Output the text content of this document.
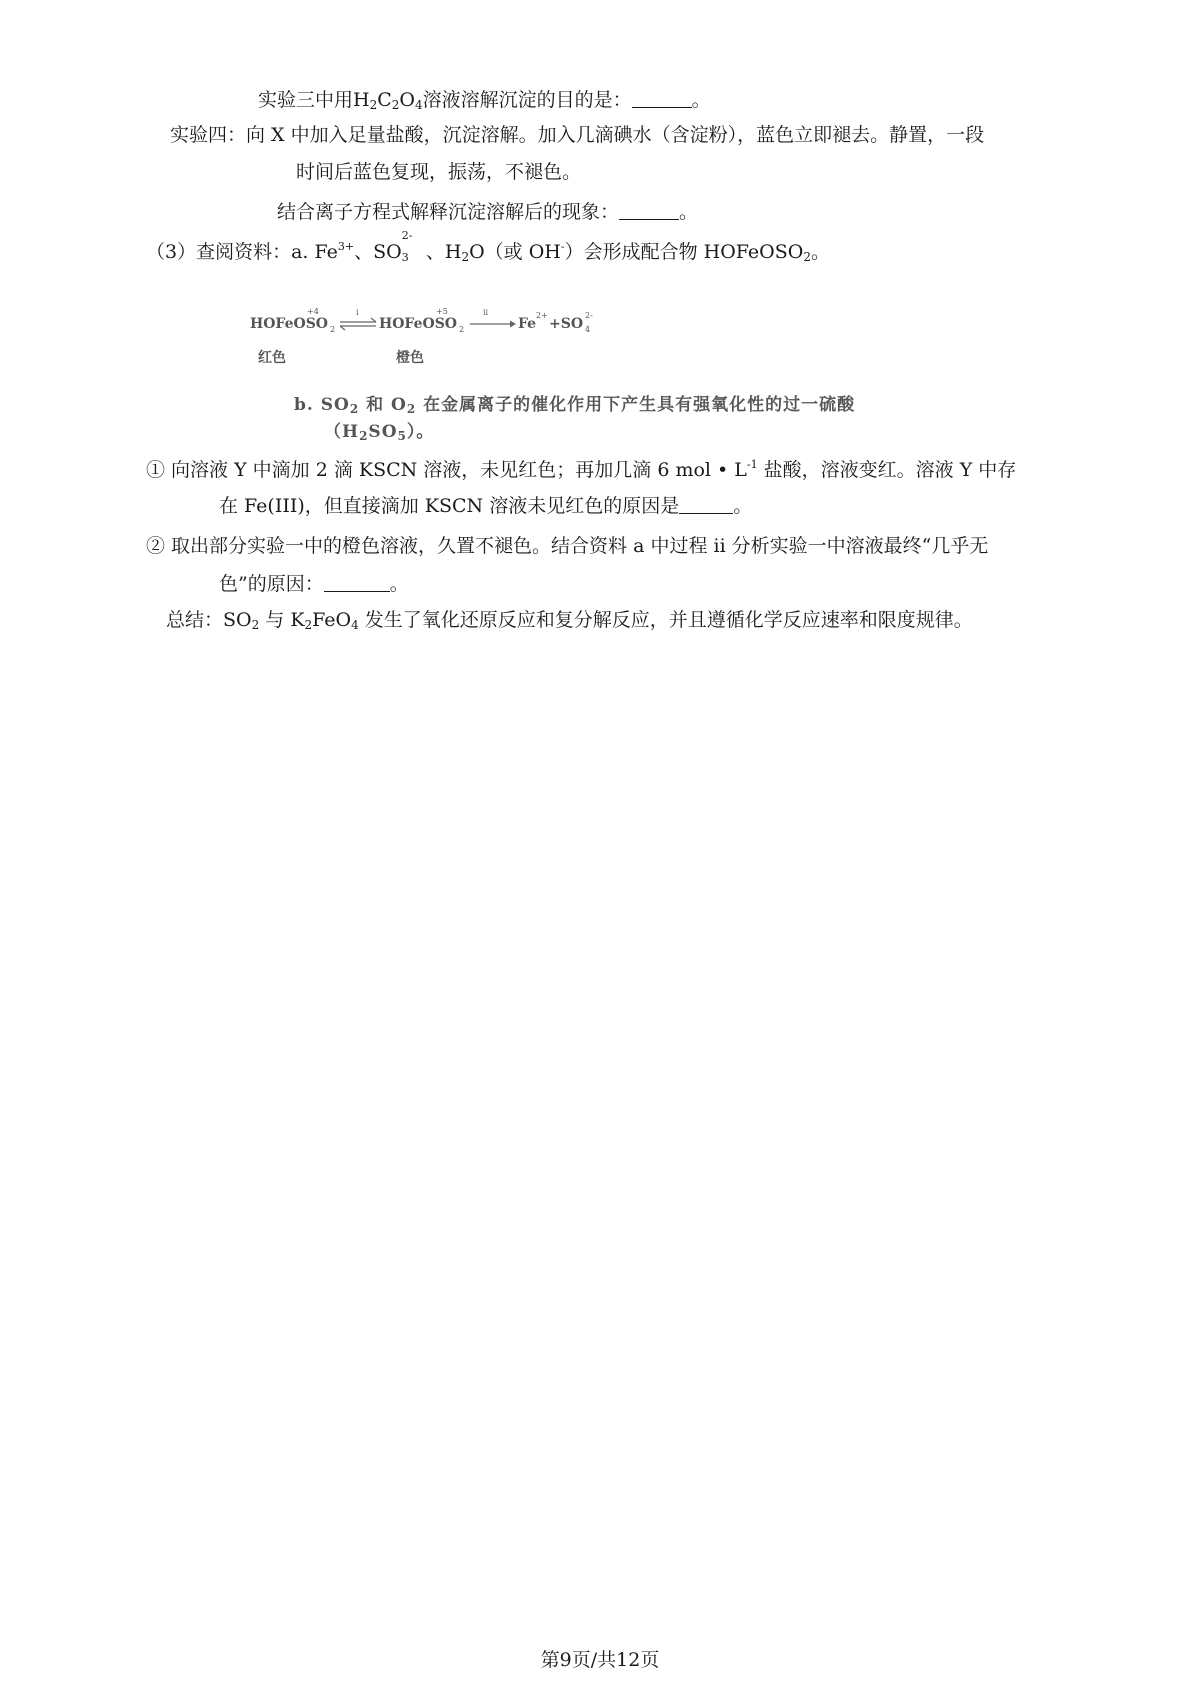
实验三中用$H_2C_2O_4$溶液溶解沉淀的目的是：	。
实验四：向 X 中加入足量盐酸，沉淀溶解。加入几滴碘水（含淀粉），蓝色立即褪去。静置，一段
时间后蓝色复现，振荡，不褪色。
结合离子方程式解释沉淀溶解后的现象：	。
（3）查阅资料：a. $Fe^{3+}$、SO
2-
3
   、$H_2O$（或 OH-）会形成配合物 HOFeOSO$_2$。
HOFeOSO
+4
2
i
HOFeOSO
+5
2
ii
Fe
2+
+SO
2-
4
红色	橙色
b. $SO_2$ 和 $O_2$ 在金属离子的催化作用下产生具有强氧化性的过一硫酸
$(H_2SO_5)$。
① 向溶液 Y 中滴加 2 滴 KSCN 溶液，未见红色；再加几滴 6 mol • $L^{-1}$ 盐酸，溶液变红。溶液 Y 中存
在 Fe(III)，但直接滴加 KSCN 溶液未见红色的原因是	。
② 取出部分实验一中的橙色溶液，久置不褪色。结合资料 a 中过程 ii 分析实验一中溶液最终“几乎无
色”的原因：	。
总结：$SO_2$ 与 $K_2FeO_4$ 发生了氧化还原反应和复分解反应，并且遵循化学反应速率和限度规律。
第9页/共12页
